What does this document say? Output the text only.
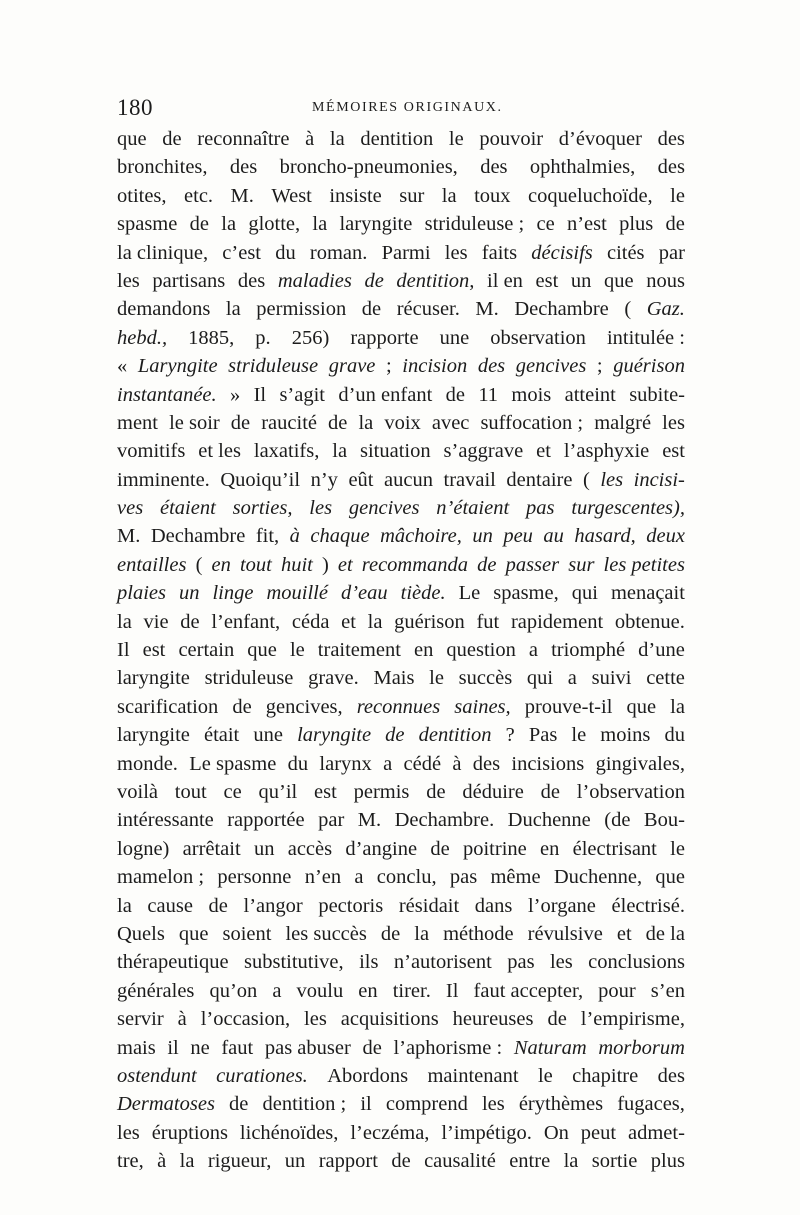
180	MÉMOIRES ORIGINAUX.
que de reconnaître à la dentition le pouvoir d’évoquer des
bronchites, des broncho-pneumonies, des ophthalmies, des
otites, etc. M. West insiste sur la toux coqueluchoïde, le
spasme de la glotte, la laryngite striduleuse ; ce n’est plus de
la clinique, c’est du roman. Parmi les faits décisifs cités par
les partisans des maladies de dentition, il en est un que nous
demandons la permission de récuser. M. Dechambre ( Gaz.
hebd., 1885, p. 256) rapporte une observation intitulée :
« Laryngite striduleuse grave ; incision des gencives ; guérison
instantanée. » Il s’agit d’un enfant de 11 mois atteint subite-
ment le soir de raucité de la voix avec suffocation ; malgré les
vomitifs et les laxatifs, la situation s’aggrave et l’asphyxie est
imminente. Quoiqu’il n’y eût aucun travail dentaire ( les incisi-
ves étaient sorties, les gencives n’étaient pas turgescentes),
M. Dechambre fit, à chaque mâchoire, un peu au hasard, deux
entailles ( en tout huit ) et recommanda de passer sur les petites
plaies un linge mouillé d’eau tiède. Le spasme, qui menaçait
la vie de l’enfant, céda et la guérison fut rapidement obtenue.
Il est certain que le traitement en question a triomphé d’une
laryngite striduleuse grave. Mais le succès qui a suivi cette
scarification de gencives, reconnues saines, prouve-t-il que la
laryngite était une laryngite de dentition ? Pas le moins du
monde. Le spasme du larynx a cédé à des incisions gingivales,
voilà tout ce qu’il est permis de déduire de l’observation
intéressante rapportée par M. Dechambre. Duchenne (de Bou-
logne) arrêtait un accès d’angine de poitrine en électrisant le
mamelon ; personne n’en a conclu, pas même Duchenne, que
la cause de l’angor pectoris résidait dans l’organe électrisé.
Quels que soient les succès de la méthode révulsive et de la
thérapeutique substitutive, ils n’autorisent pas les conclusions
générales qu’on a voulu en tirer. Il faut accepter, pour s’en
servir à l’occasion, les acquisitions heureuses de l’empirisme,
mais il ne faut pas abuser de l’aphorisme : Naturam morborum
ostendunt curationes. Abordons maintenant le chapitre des
Dermatoses de dentition ; il comprend les érythèmes fugaces,
les éruptions lichénoïdes, l’eczéma, l’impétigo. On peut admet-
tre, à la rigueur, un rapport de causalité entre la sortie plus
